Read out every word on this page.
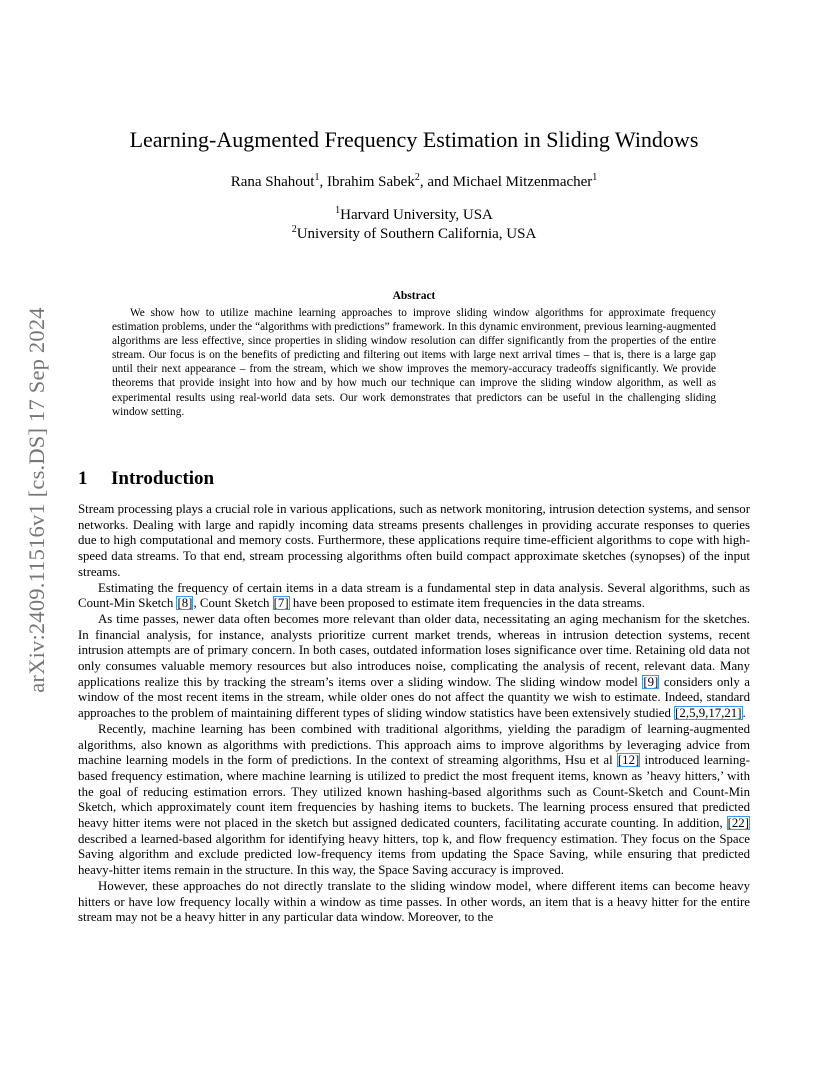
arXiv:2409.11516v1 [cs.DS] 17 Sep 2024
Learning-Augmented Frequency Estimation in Sliding Windows
Rana Shahout$^1$, Ibrahim Sabek$^2$, and Michael Mitzenmacher$^1$
$^1$Harvard University, USA
$^2$University of Southern California, USA
Abstract

We show how to utilize machine learning approaches to improve sliding window algorithms for approximate frequency estimation problems, under the “algorithms with predictions” framework. In this dynamic environment, previous learning-augmented algorithms are less effective, since properties in sliding window resolution can differ significantly from the properties of the entire stream. Our focus is on the benefits of predicting and filtering out items with large next arrival times – that is, there is a large gap until their next appearance – from the stream, which we show improves the memory-accuracy tradeoffs significantly. We provide theorems that provide insight into how and by how much our technique can improve the sliding window algorithm, as well as experimental results using real-world data sets. Our work demonstrates that predictors can be useful in the challenging sliding window setting.

1 Introduction

Stream processing plays a crucial role in various applications, such as network monitoring, intrusion detection systems, and sensor networks. Dealing with large and rapidly incoming data streams presents challenges in providing accurate responses to queries due to high computational and memory costs. Furthermore, these applications require time-efficient algorithms to cope with high-speed data streams. To that end, stream processing algorithms often build compact approximate sketches (synopses) of the input streams.

Estimating the frequency of certain items in a data stream is a fundamental step in data analysis. Several algorithms, such as Count-Min Sketch [8], Count Sketch [7] have been proposed to estimate item frequencies in the data streams.

As time passes, newer data often becomes more relevant than older data, necessitating an aging mechanism for the sketches. In financial analysis, for instance, analysts prioritize current market trends, whereas in intrusion detection systems, recent intrusion attempts are of primary concern. In both cases, outdated information loses significance over time. Retaining old data not only consumes valuable memory resources but also introduces noise, complicating the analysis of recent, relevant data. Many applications realize this by tracking the stream’s items over a sliding window. The sliding window model [9] considers only a window of the most recent items in the stream, while older ones do not affect the quantity we wish to estimate. Indeed, standard approaches to the problem of maintaining different types of sliding window statistics have been extensively studied [2,5,9,17,21].

Recently, machine learning has been combined with traditional algorithms, yielding the paradigm of learning-augmented algorithms, also known as algorithms with predictions. This approach aims to improve algorithms by leveraging advice from machine learning models in the form of predictions. In the context of streaming algorithms, Hsu et al [12] introduced learning-based frequency estimation, where machine learning is utilized to predict the most frequent items, known as ’heavy hitters,’ with the goal of reducing estimation errors. They utilized known hashing-based algorithms such as Count-Sketch and Count-Min Sketch, which approximately count item frequencies by hashing items to buckets. The learning process ensured that predicted heavy hitter items were not placed in the sketch but assigned dedicated counters, facilitating accurate counting. In addition, [22] described a learned-based algorithm for identifying heavy hitters, top k, and flow frequency estimation. They focus on the Space Saving algorithm and exclude predicted low-frequency items from updating the Space Saving, while ensuring that predicted heavy-hitter items remain in the structure. In this way, the Space Saving accuracy is improved.

However, these approaches do not directly translate to the sliding window model, where different items can become heavy hitters or have low frequency locally within a window as time passes. In other words, an item that is a heavy hitter for the entire stream may not be a heavy hitter in any particular data window. Moreover, to the
